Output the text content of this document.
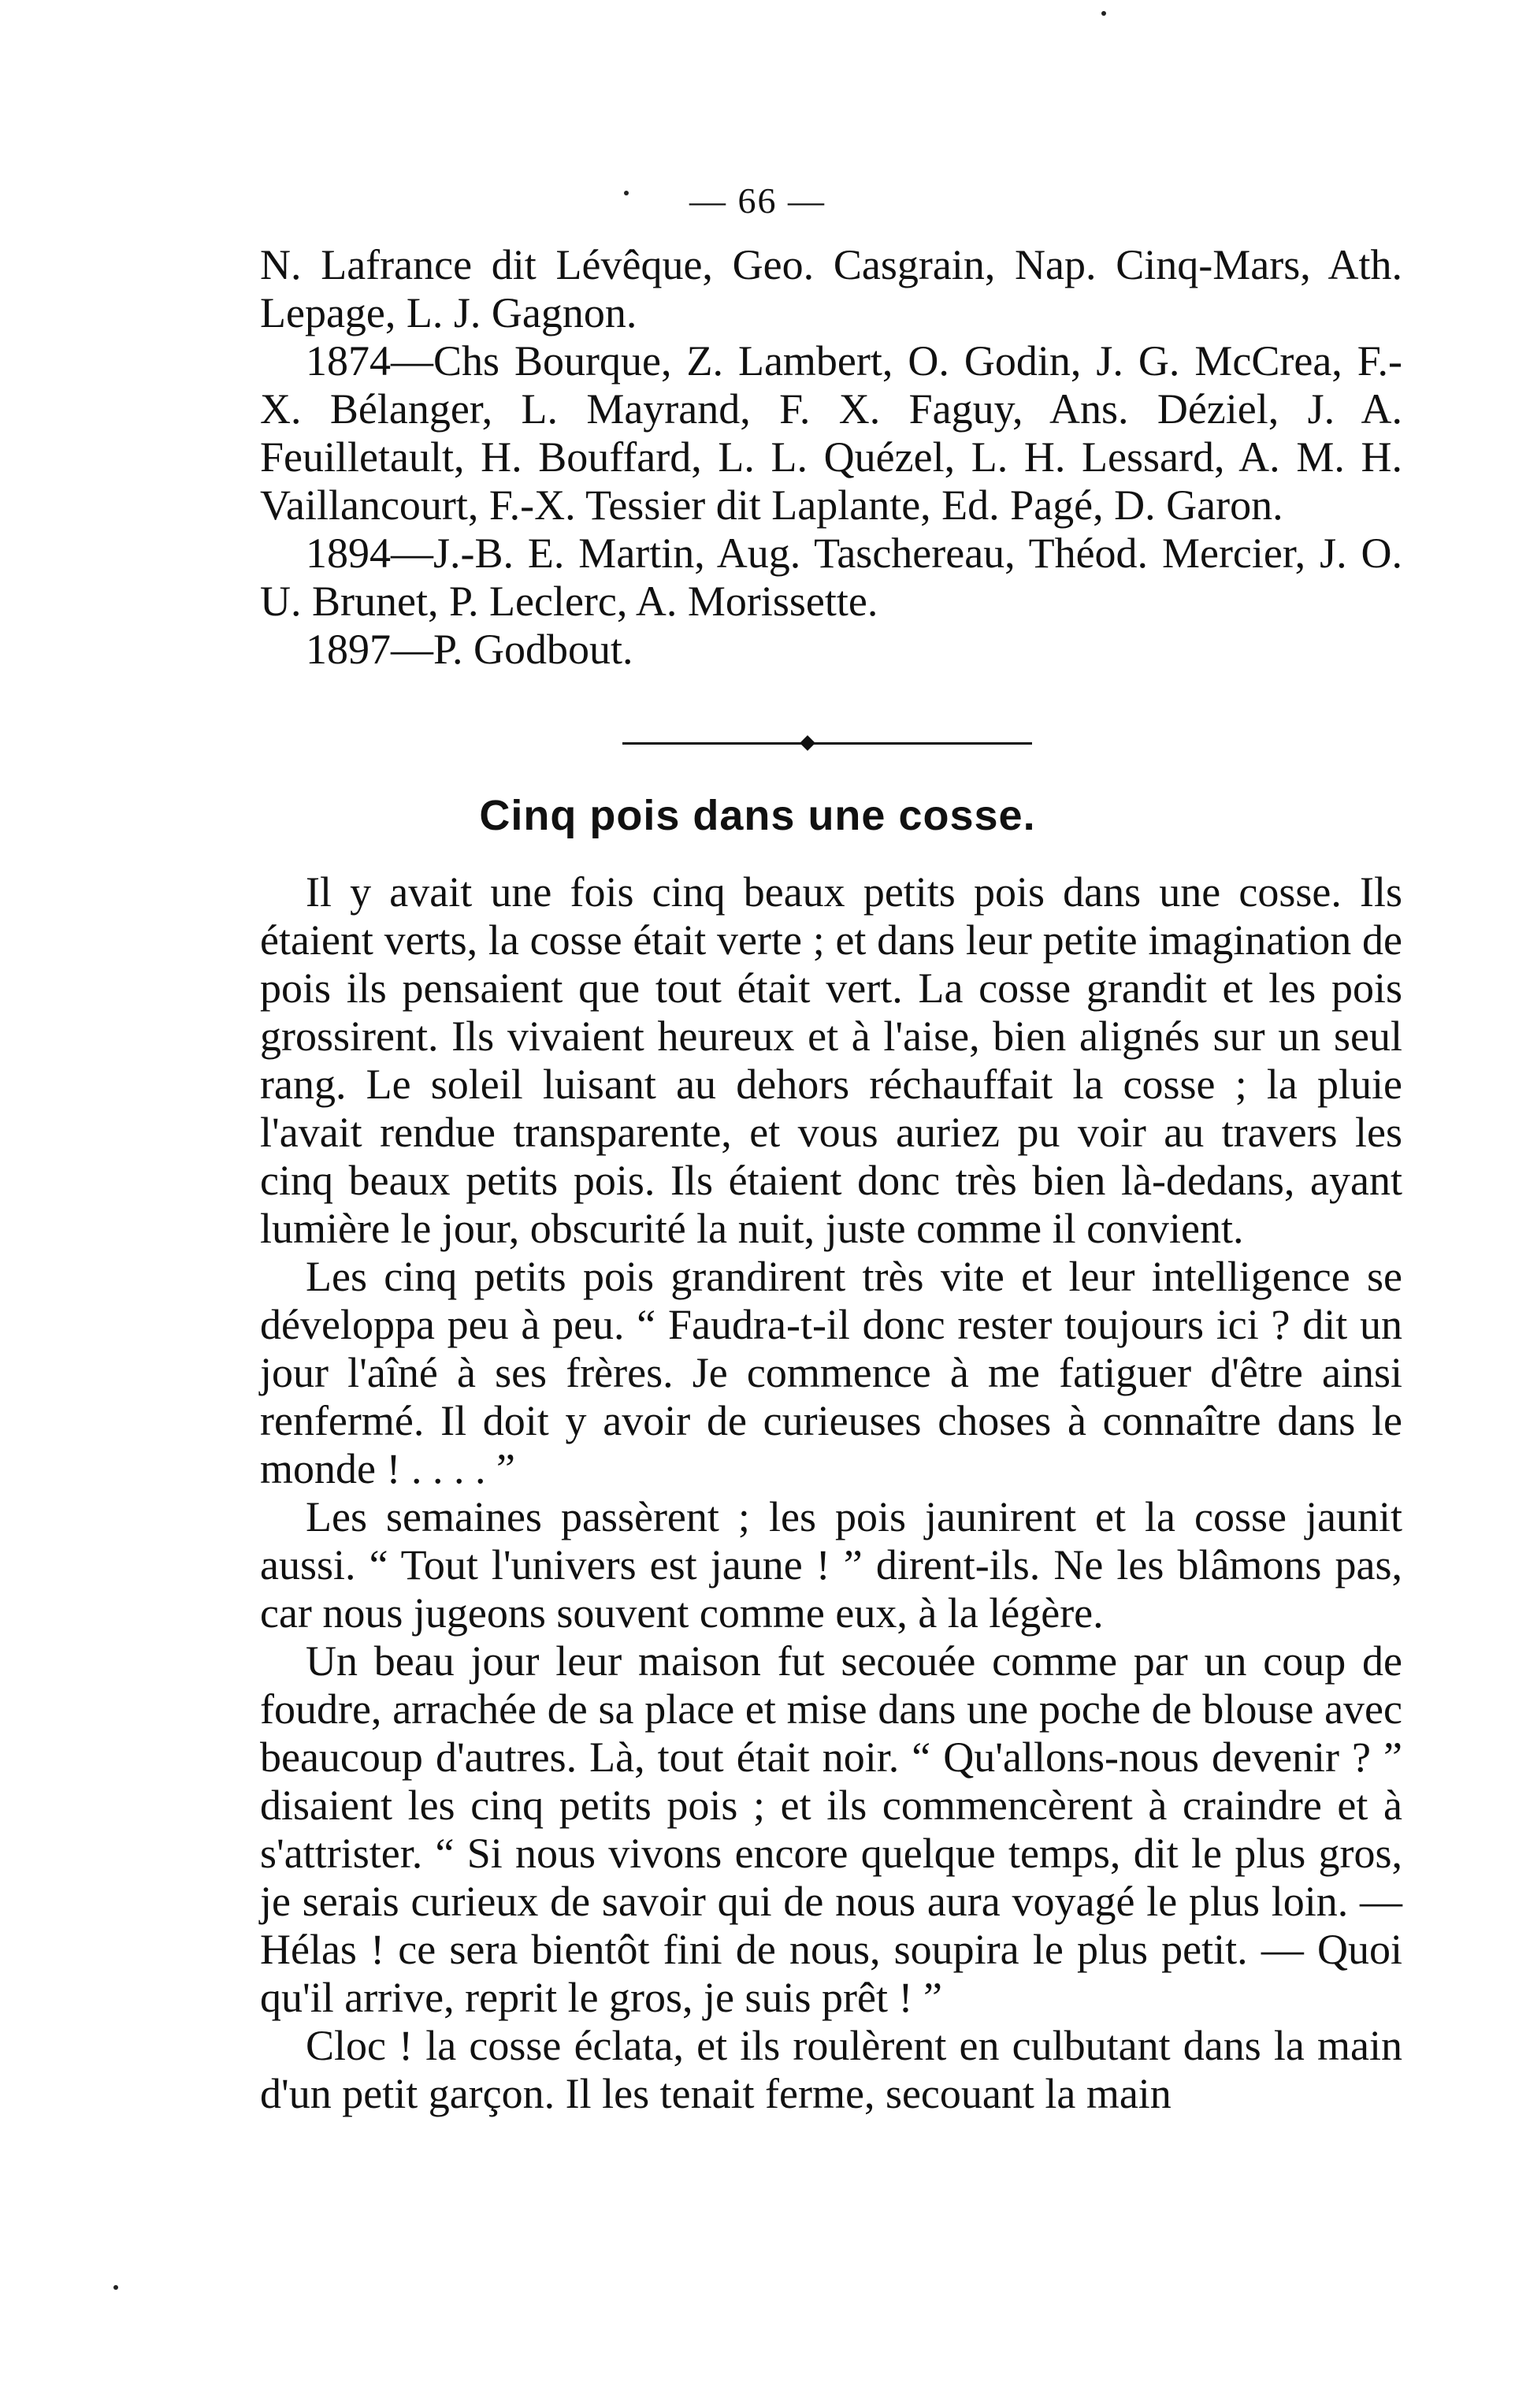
— 66 —

N. Lafrance dit Lévêque, Geo. Casgrain, Nap. Cinq-Mars, Ath. Lepage, L. J. Gagnon.

1874—Chs Bourque, Z. Lambert, O. Godin, J. G. McCrea, F.-X. Bélanger, L. Mayrand, F. X. Faguy, Ans. Déziel, J. A. Feuilletault, H. Bouffard, L. L. Quézel, L. H. Lessard, A. M. H. Vaillancourt, F.-X. Tessier dit Laplante, Ed. Pagé, D. Garon.

1894—J.-B. E. Martin, Aug. Taschereau, Théod. Mercier, J. O. U. Brunet, P. Leclerc, A. Morissette.

1897—P. Godbout.

Cinq pois dans une cosse.

Il y avait une fois cinq beaux petits pois dans une cosse. Ils étaient verts, la cosse était verte ; et dans leur petite imagination de pois ils pensaient que tout était vert. La cosse grandit et les pois grossirent. Ils vivaient heureux et à l'aise, bien alignés sur un seul rang. Le soleil luisant au dehors réchauffait la cosse ; la pluie l'avait rendue transparente, et vous auriez pu voir au travers les cinq beaux petits pois. Ils étaient donc très bien là-dedans, ayant lumière le jour, obscurité la nuit, juste comme il convient.

Les cinq petits pois grandirent très vite et leur intelligence se développa peu à peu. “ Faudra-t-il donc rester toujours ici ? dit un jour l'aîné à ses frères. Je commence à me fatiguer d'être ainsi renfermé. Il doit y avoir de curieuses choses à connaître dans le monde ! . . . . ”

Les semaines passèrent ; les pois jaunirent et la cosse jaunit aussi. “ Tout l'univers est jaune ! ” dirent-ils. Ne les blâmons pas, car nous jugeons souvent comme eux, à la légère.

Un beau jour leur maison fut secouée comme par un coup de foudre, arrachée de sa place et mise dans une poche de blouse avec beaucoup d'autres. Là, tout était noir. “ Qu'allons-nous devenir ? ” disaient les cinq petits pois ; et ils commencèrent à craindre et à s'attrister. “ Si nous vivons encore quelque temps, dit le plus gros, je serais curieux de savoir qui de nous aura voyagé le plus loin. — Hélas ! ce sera bientôt fini de nous, soupira le plus petit. — Quoi qu'il arrive, reprit le gros, je suis prêt ! ”

Cloc ! la cosse éclata, et ils roulèrent en culbutant dans la main d'un petit garçon. Il les tenait ferme, secouant la main
